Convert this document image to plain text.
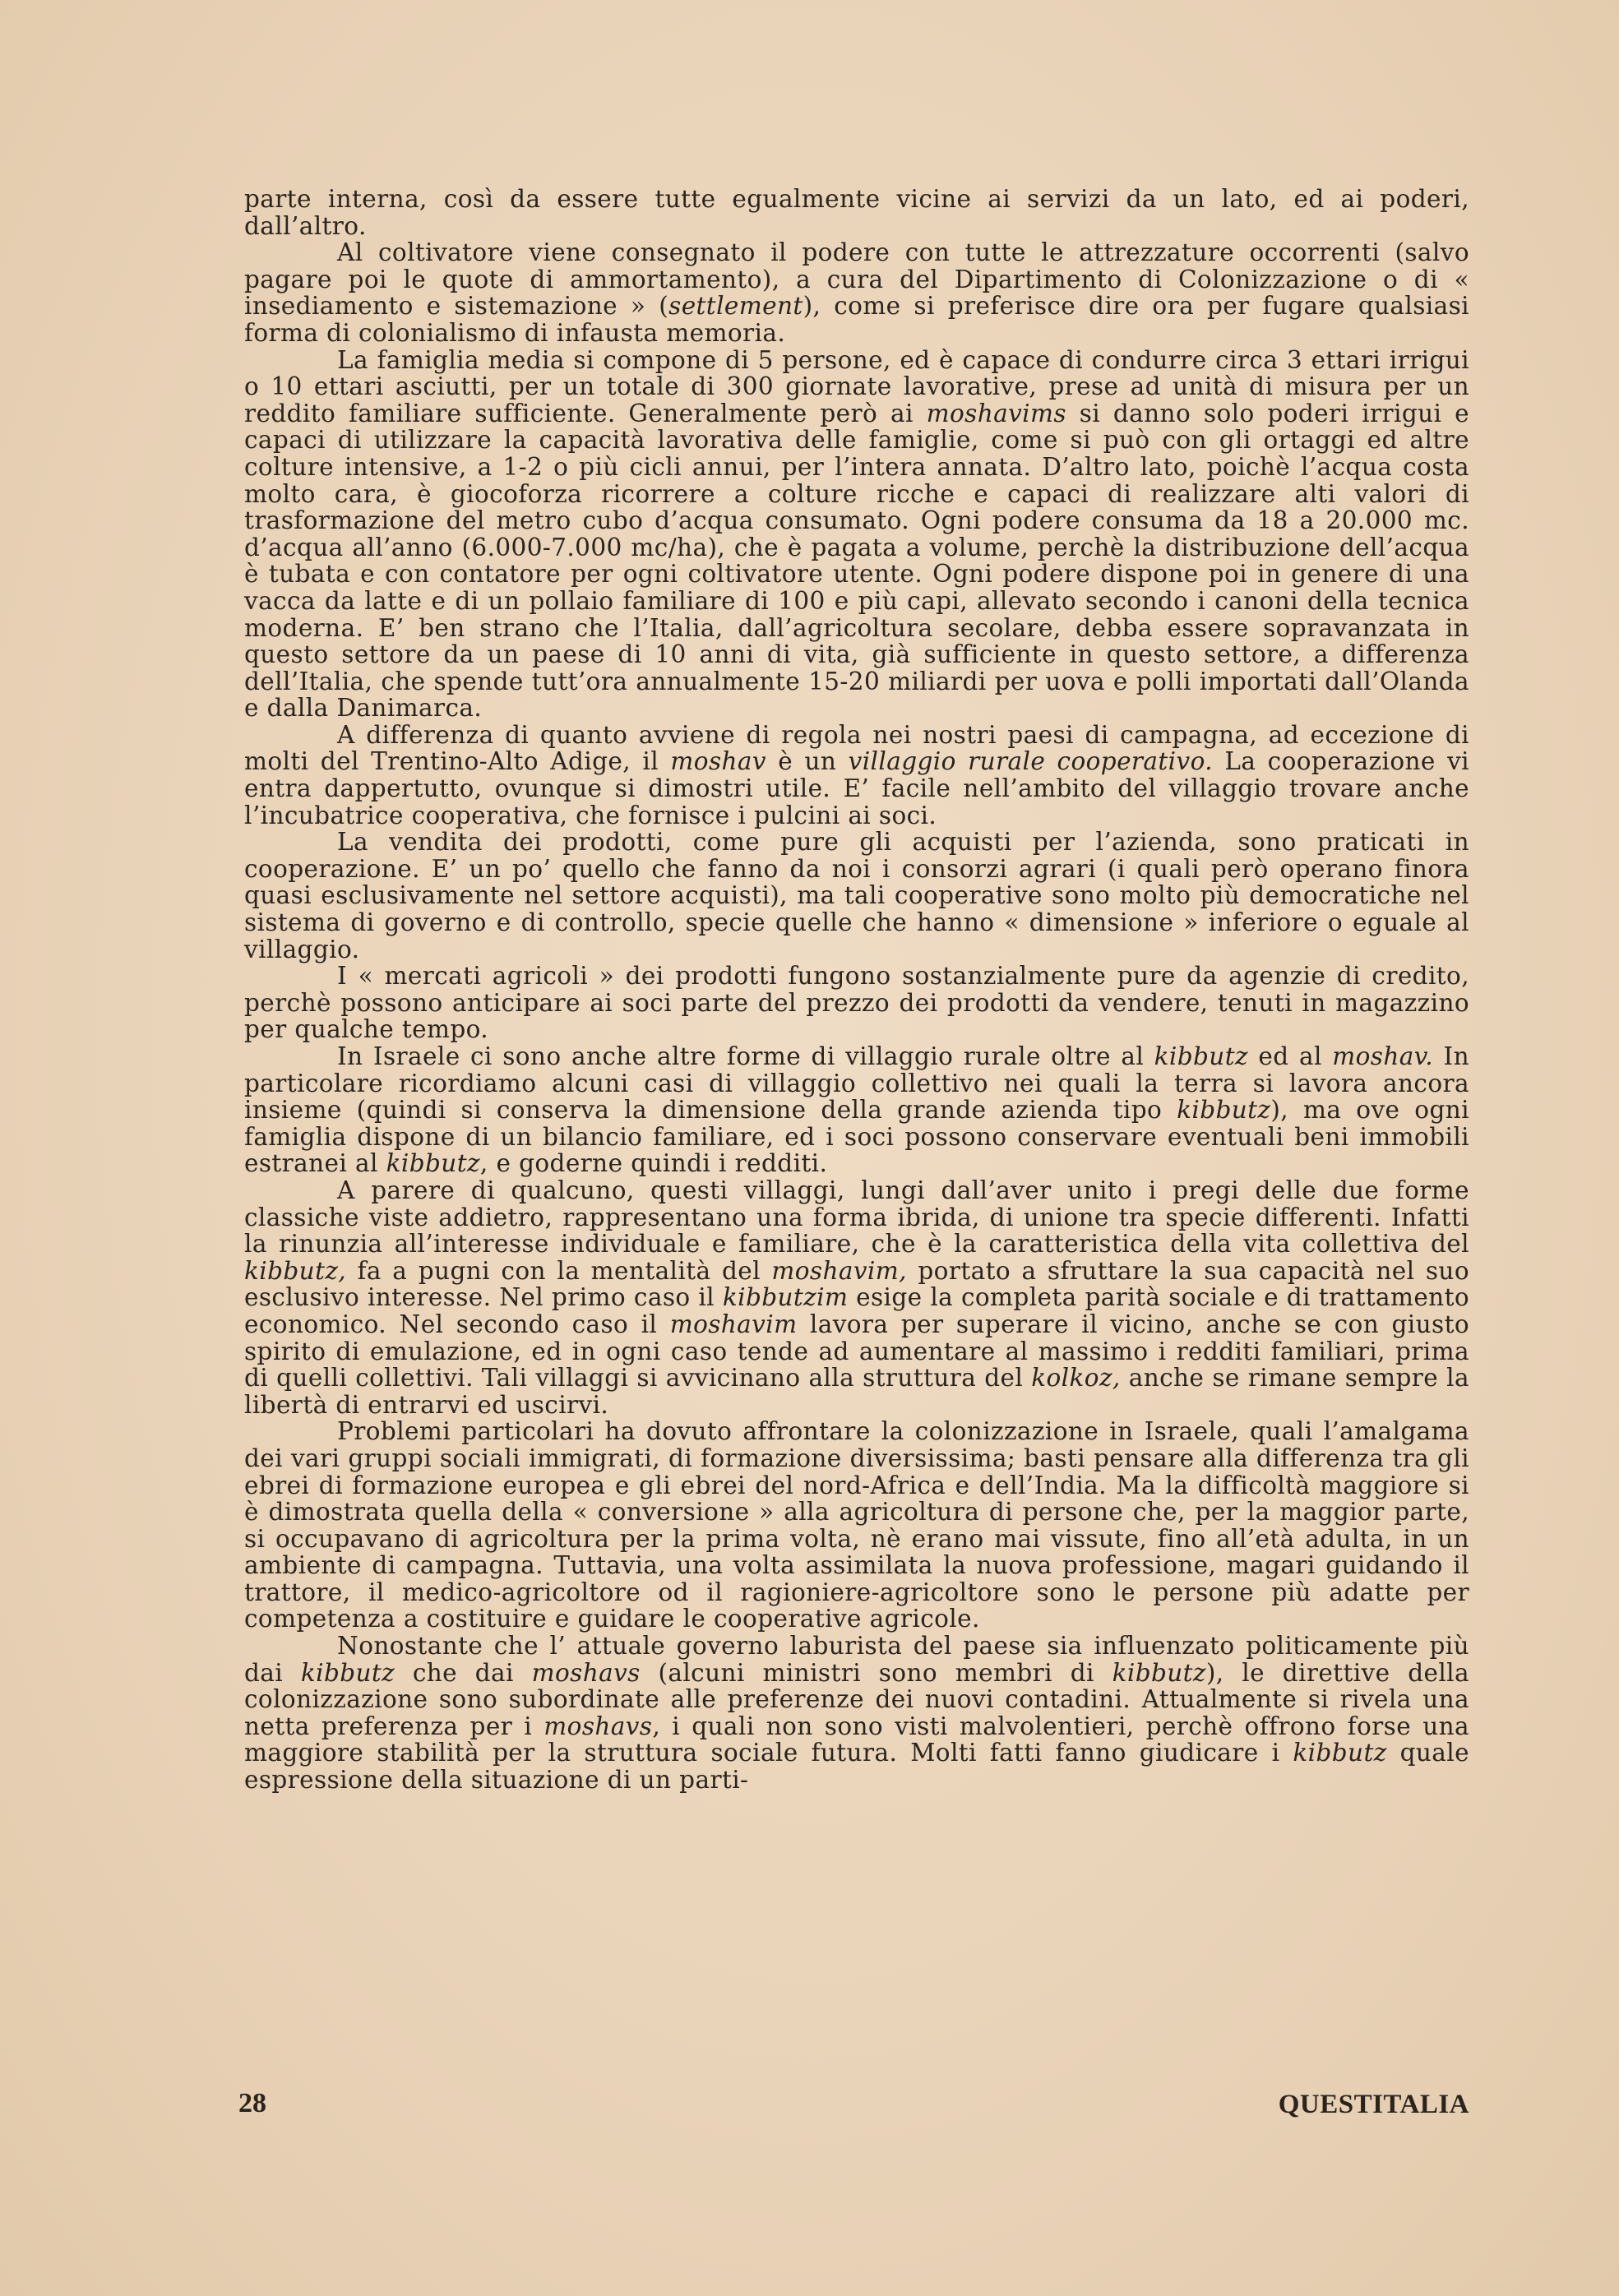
parte interna, così da essere tutte egualmente vicine ai servizi da un lato, ed ai poderi, dall’altro.

Al coltivatore viene consegnato il podere con tutte le attrezzature occorrenti (salvo pagare poi le quote di ammortamento), a cura del Dipartimento di Colonizzazione o di « insediamento e sistemazione » (settlement), come si preferisce dire ora per fugare qualsiasi forma di colonialismo di infausta memoria.

La famiglia media si compone di 5 persone, ed è capace di condurre circa 3 ettari irrigui o 10 ettari asciutti, per un totale di 300 giornate lavorative, prese ad unità di misura per un reddito familiare sufficiente. Generalmente però ai moshavims si danno solo poderi irrigui e capaci di utilizzare la capacità lavorativa delle famiglie, come si può con gli ortaggi ed altre colture intensive, a 1-2 o più cicli annui, per l’intera annata. D’altro lato, poichè l’acqua costa molto cara, è giocoforza ricorrere a colture ricche e capaci di realizzare alti valori di trasformazione del metro cubo d’acqua consumato. Ogni podere consuma da 18 a 20.000 mc. d’acqua all’anno (6.000-7.000 mc/ha), che è pagata a volume, perchè la distribuzione dell’acqua è tubata e con contatore per ogni coltivatore utente. Ogni podere dispone poi in genere di una vacca da latte e di un pollaio familiare di 100 e più capi, allevato secondo i canoni della tecnica moderna. E’ ben strano che l’Italia, dall’agricoltura secolare, debba essere sopravanzata in questo settore da un paese di 10 anni di vita, già sufficiente in questo settore, a differenza dell’Italia, che spende tutt’ora annualmente 15-20 miliardi per uova e polli importati dall’Olanda e dalla Danimarca.

A differenza di quanto avviene di regola nei nostri paesi di campagna, ad eccezione di molti del Trentino-Alto Adige, il moshav è un villaggio rurale cooperativo. La cooperazione vi entra dappertutto, ovunque si dimostri utile. E’ facile nell’ambito del villaggio trovare anche l’incubatrice cooperativa, che fornisce i pulcini ai soci.

La vendita dei prodotti, come pure gli acquisti per l’azienda, sono praticati in cooperazione. E’ un po’ quello che fanno da noi i consorzi agrari (i quali però operano finora quasi esclusivamente nel settore acquisti), ma tali cooperative sono molto più democratiche nel sistema di governo e di controllo, specie quelle che hanno « dimensione » inferiore o eguale al villaggio.

I « mercati agricoli » dei prodotti fungono sostanzialmente pure da agenzie di credito, perchè possono anticipare ai soci parte del prezzo dei prodotti da vendere, tenuti in magazzino per qualche tempo.

In Israele ci sono anche altre forme di villaggio rurale oltre al kibbutz ed al moshav. In particolare ricordiamo alcuni casi di villaggio collettivo nei quali la terra si lavora ancora insieme (quindi si conserva la dimensione della grande azienda tipo kibbutz), ma ove ogni famiglia dispone di un bilancio familiare, ed i soci possono conservare eventuali beni immobili estranei al kibbutz, e goderne quindi i redditi.

A parere di qualcuno, questi villaggi, lungi dall’aver unito i pregi delle due forme classiche viste addietro, rappresentano una forma ibrida, di unione tra specie differenti. Infatti la rinunzia all’interesse individuale e familiare, che è la caratteristica della vita collettiva del kibbutz, fa a pugni con la mentalità del moshavim, portato a sfruttare la sua capacità nel suo esclusivo interesse. Nel primo caso il kibbutzim esige la completa parità sociale e di trattamento economico. Nel secondo caso il moshavim lavora per superare il vicino, anche se con giusto spirito di emulazione, ed in ogni caso tende ad aumentare al massimo i redditi familiari, prima di quelli collettivi. Tali villaggi si avvicinano alla struttura del kolkoz, anche se rimane sempre la libertà di entrarvi ed uscirvi.

Problemi particolari ha dovuto affrontare la colonizzazione in Israele, quali l’amalgama dei vari gruppi sociali immigrati, di formazione diversissima; basti pensare alla differenza tra gli ebrei di formazione europea e gli ebrei del nord-Africa e dell’India. Ma la difficoltà maggiore si è dimostrata quella della « conversione » alla agricoltura di persone che, per la maggior parte, si occupavano di agricoltura per la prima volta, nè erano mai vissute, fino all’età adulta, in un ambiente di campagna. Tuttavia, una volta assimilata la nuova professione, magari guidando il trattore, il medico-agricoltore od il ragioniere-agricoltore sono le persone più adatte per competenza a costituire e guidare le cooperative agricole.

Nonostante che l’ attuale governo laburista del paese sia influenzato politicamente più dai kibbutz che dai moshavs (alcuni ministri sono membri di kibbutz), le direttive della colonizzazione sono subordinate alle preferenze dei nuovi contadini. Attualmente si rivela una netta preferenza per i moshavs, i quali non sono visti malvolentieri, perchè offrono forse una maggiore stabilità per la struttura sociale futura. Molti fatti fanno giudicare i kibbutz quale espressione della situazione di un parti-

28	QUESTITALIA
